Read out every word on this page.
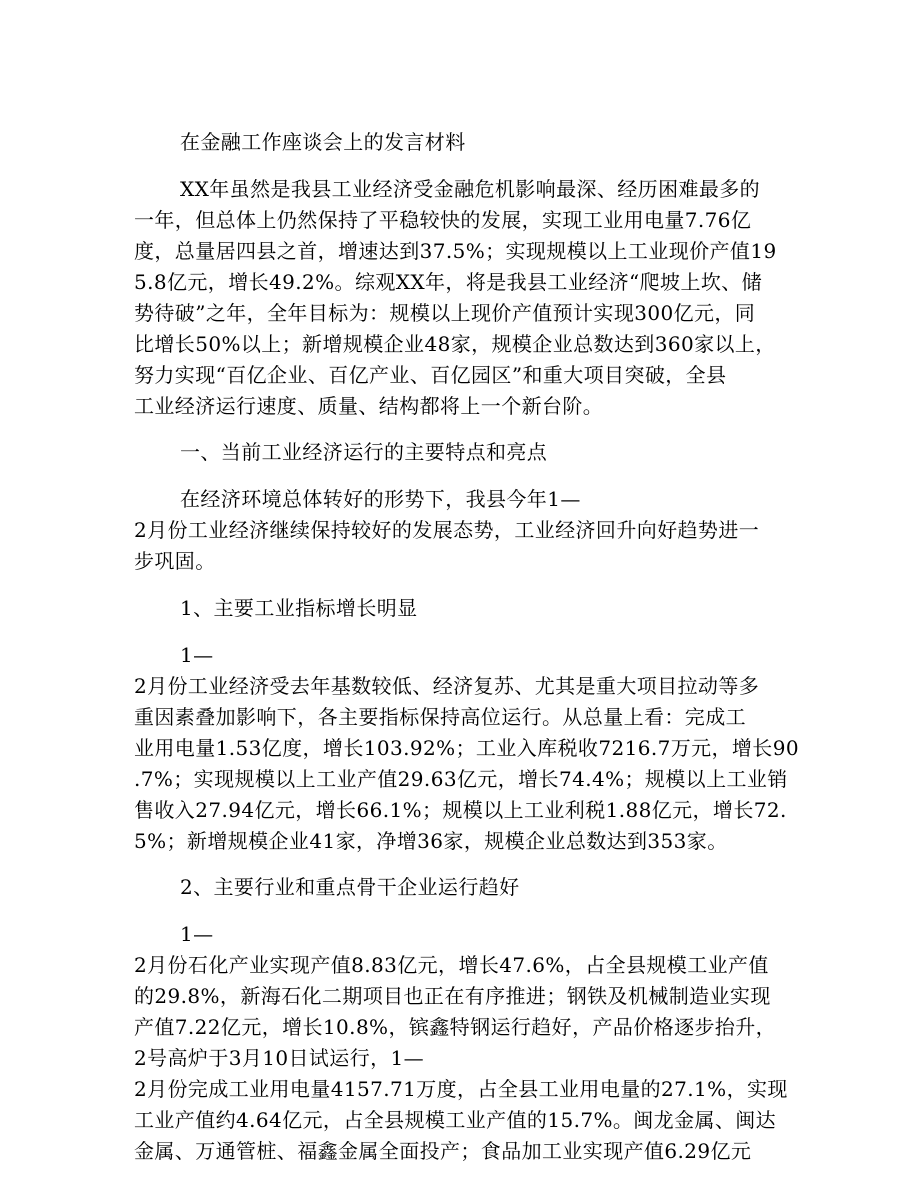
在金融工作座谈会上的发言材料
XX年虽然是我县工业经济受金融危机影响最深、经历困难最多的
一年，但总体上仍然保持了平稳较快的发展，实现工业用电量7.76亿
度，总量居四县之首，增速达到37.5%；实现规模以上工业现价产值19
5.8亿元，增长49.2%。综观XX年，将是我县工业经济“爬坡上坎、储
势待破”之年，全年目标为：规模以上现价产值预计实现300亿元，同
比增长50%以上；新增规模企业48家，规模企业总数达到360家以上，
努力实现“百亿企业、百亿产业、百亿园区”和重大项目突破，全县
工业经济运行速度、质量、结构都将上一个新台阶。
一、当前工业经济运行的主要特点和亮点
在经济环境总体转好的形势下，我县今年1—
2月份工业经济继续保持较好的发展态势，工业经济回升向好趋势进一
步巩固。
1、主要工业指标增长明显
1—
2月份工业经济受去年基数较低、经济复苏、尤其是重大项目拉动等多
重因素叠加影响下，各主要指标保持高位运行。从总量上看：完成工
业用电量1.53亿度，增长103.92%；工业入库税收7216.7万元，增长90
.7%；实现规模以上工业产值29.63亿元，增长74.4%；规模以上工业销
售收入27.94亿元，增长66.1%；规模以上工业利税1.88亿元，增长72.
5%；新增规模企业41家，净增36家，规模企业总数达到353家。
2、主要行业和重点骨干企业运行趋好
1—
2月份石化产业实现产值8.83亿元，增长47.6%，占全县规模工业产值
的29.8%，新海石化二期项目也正在有序推进；钢铁及机械制造业实现
产值7.22亿元，增长10.8%，镔鑫特钢运行趋好，产品价格逐步抬升，
2号高炉于3月10日试运行，1—
2月份完成工业用电量4157.71万度，占全县工业用电量的27.1%，实现
工业产值约4.64亿元，占全县规模工业产值的15.7%。闽龙金属、闽达
金属、万通管桩、福鑫金属全面投产；食品加工业实现产值6.29亿元
